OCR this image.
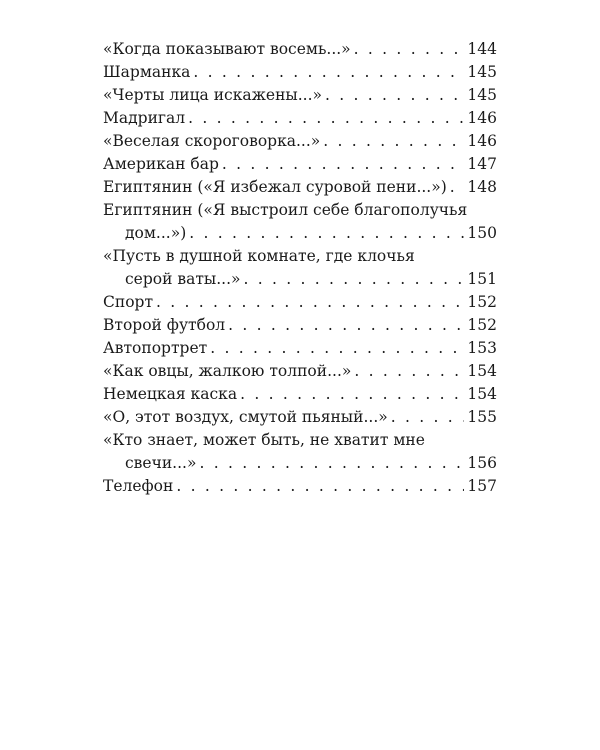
«Когда показывают восемь...» . . .	144
Шарманка . . .	145
«Черты лица искажены...» . . .	145
Мадригал . . .	146
«Веселая скороговорка...» . . .	146
Американ бар . . .	147
Египтянин («Я избежал суровой пени...») . . . 148
Египтянин («Я выстроил себе благополучья
дом...») . . .	150
«Пусть в душной комнате, где клочья
серой ваты...» . . .	151
Спорт . . .	152
Второй футбол . . .	152
Автопортрет . . .	153
«Как овцы, жалкою толпой...» . . .	154
Немецкая каска . . .	154
«О, этот воздух, смутой пьяный...» . . .	155
«Кто знает, может быть, не хватит мне
свечи...» . . .	156
Телефон . . .	157
